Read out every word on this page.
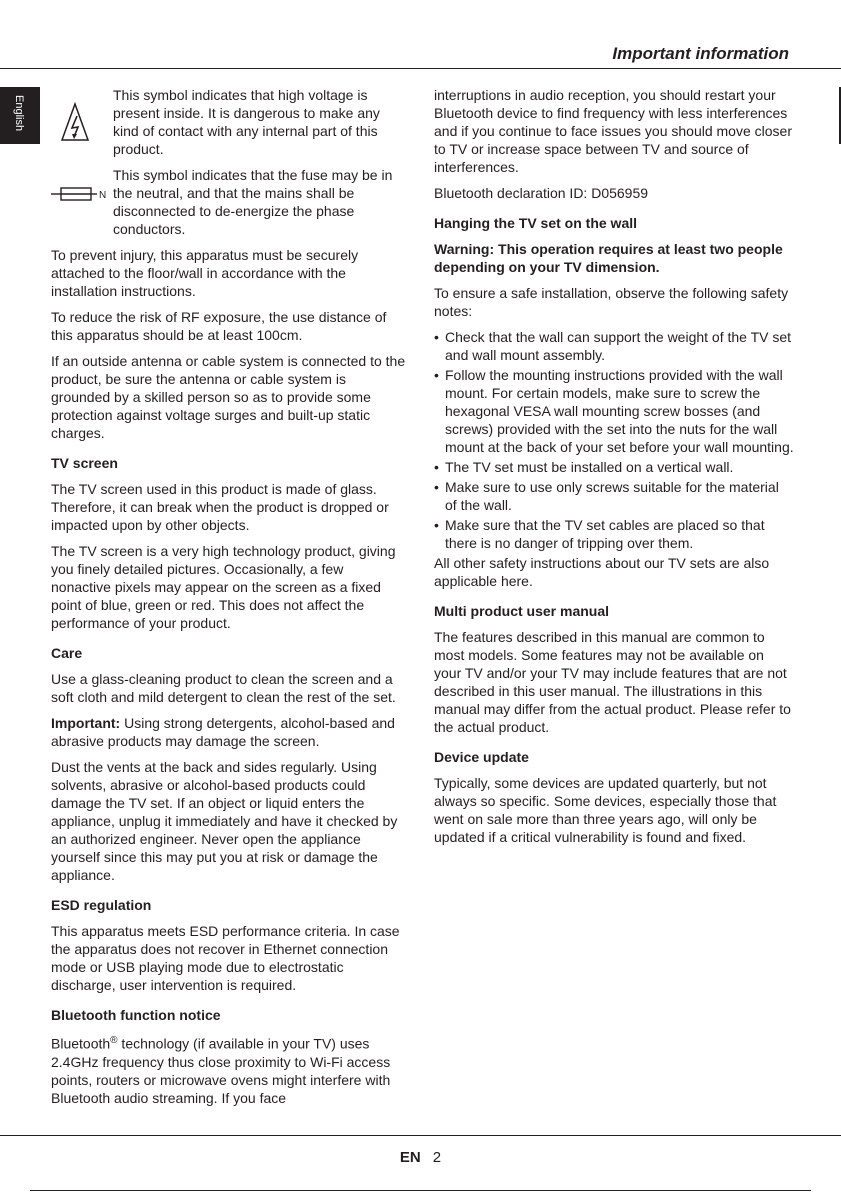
Important information
English	This symbol indicates that high voltage is present inside. It is dangerous to make any kind of contact with any internal part of this product.

N

This symbol indicates that the fuse may be in the neutral, and that the mains shall be disconnected to de-energize the phase conductors.

To prevent injury, this apparatus must be securely attached to the floor/wall in accordance with the installation instructions.

To reduce the risk of RF exposure, the use distance of this apparatus should be at least 100cm.

If an outside antenna or cable system is connected to the product, be sure the antenna or cable system is grounded by a skilled person so as to provide some protection against voltage surges and built-up static charges.

TV screen

The TV screen used in this product is made of glass. Therefore, it can break when the product is dropped or impacted upon by other objects.

The TV screen is a very high technology product, giving you finely detailed pictures. Occasionally, a few nonactive pixels may appear on the screen as a fixed point of blue, green or red. This does not affect the performance of your product.

Care

Use a glass-cleaning product to clean the screen and a soft cloth and mild detergent to clean the rest of the set.

Important: Using strong detergents, alcohol-based and abrasive products may damage the screen.

Dust the vents at the back and sides regularly. Using solvents, abrasive or alcohol-based products could damage the TV set. If an object or liquid enters the appliance, unplug it immediately and have it checked by an authorized engineer. Never open the appliance yourself since this may put you at risk or damage the appliance.

ESD regulation

This apparatus meets ESD performance criteria. In case the apparatus does not recover in Ethernet connection mode or USB playing mode due to electrostatic discharge, user intervention is required.

Bluetooth function notice

Bluetooth® technology (if available in your TV) uses 2.4GHz frequency thus close proximity to Wi-Fi access points, routers or microwave ovens might interfere with Bluetooth audio streaming. If you face

interruptions in audio reception, you should restart your Bluetooth device to find frequency with less interferences and if you continue to face issues you should move closer to TV or increase space between TV and source of interferences.

Bluetooth declaration ID: D056959

Hanging the TV set on the wall
Warning: This operation requires at least two people depending on your TV dimension.

To ensure a safe installation, observe the following safety notes:

• Check that the wall can support the weight of the TV set and wall mount assembly.
• Follow the mounting instructions provided with the wall mount. For certain models, make sure to screw the hexagonal VESA wall mounting screw bosses (and screws) provided with the set into the nuts for the wall mount at the back of your set before your wall mounting.
• The TV set must be installed on a vertical wall.
• Make sure to use only screws suitable for the material of the wall.
• Make sure that the TV set cables are placed so that there is no danger of tripping over them.

All other safety instructions about our TV sets are also applicable here.

Multi product user manual

The features described in this manual are common to most models. Some features may not be available on your TV and/or your TV may include features that are not described in this user manual. The illustrations in this manual may differ from the actual product. Please refer to the actual product.

Device update

Typically, some devices are updated quarterly, but not always so specific. Some devices, especially those that went on sale more than three years ago, will only be updated if a critical vulnerability is found and fixed.

EN 2
